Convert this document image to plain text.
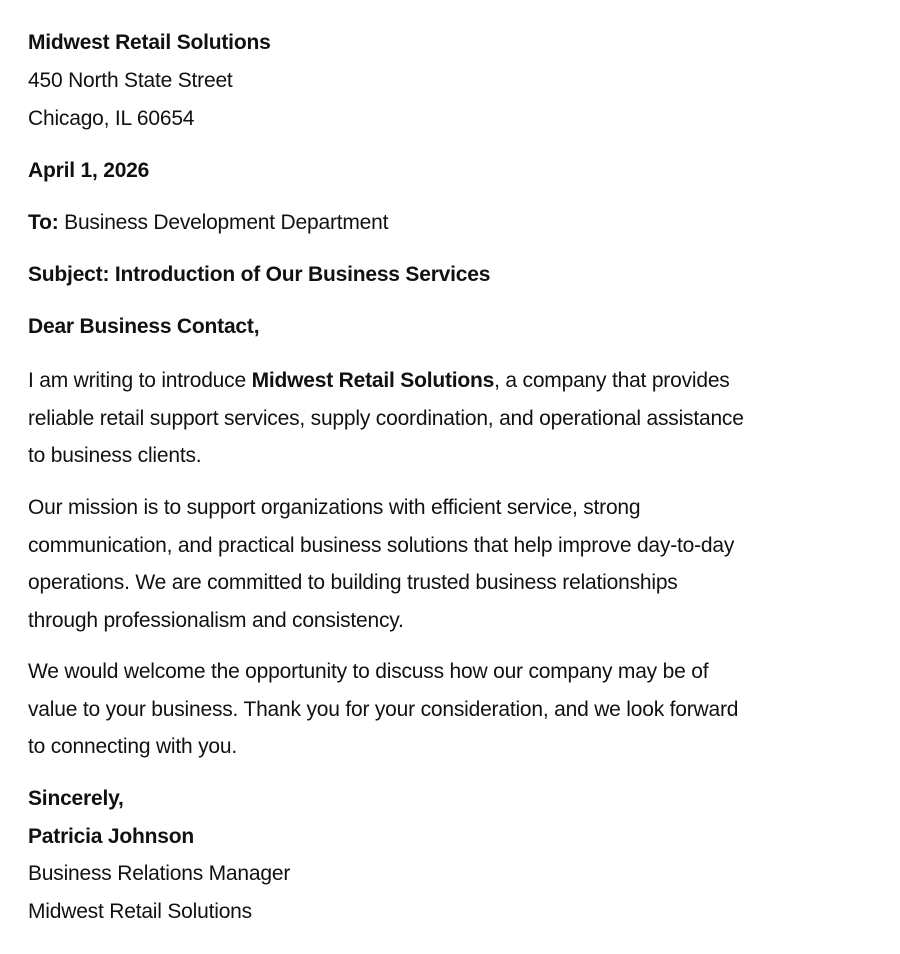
Midwest Retail Solutions
450 North State Street
Chicago, IL 60654
April 1, 2026
To: Business Development Department
Subject: Introduction of Our Business Services
Dear Business Contact,
I am writing to introduce Midwest Retail Solutions, a company that provides
reliable retail support services, supply coordination, and operational assistance
to business clients.
Our mission is to support organizations with efficient service, strong
communication, and practical business solutions that help improve day-to-day
operations. We are committed to building trusted business relationships
through professionalism and consistency.
We would welcome the opportunity to discuss how our company may be of
value to your business. Thank you for your consideration, and we look forward
to connecting with you.
Sincerely,
Patricia Johnson
Business Relations Manager
Midwest Retail Solutions
